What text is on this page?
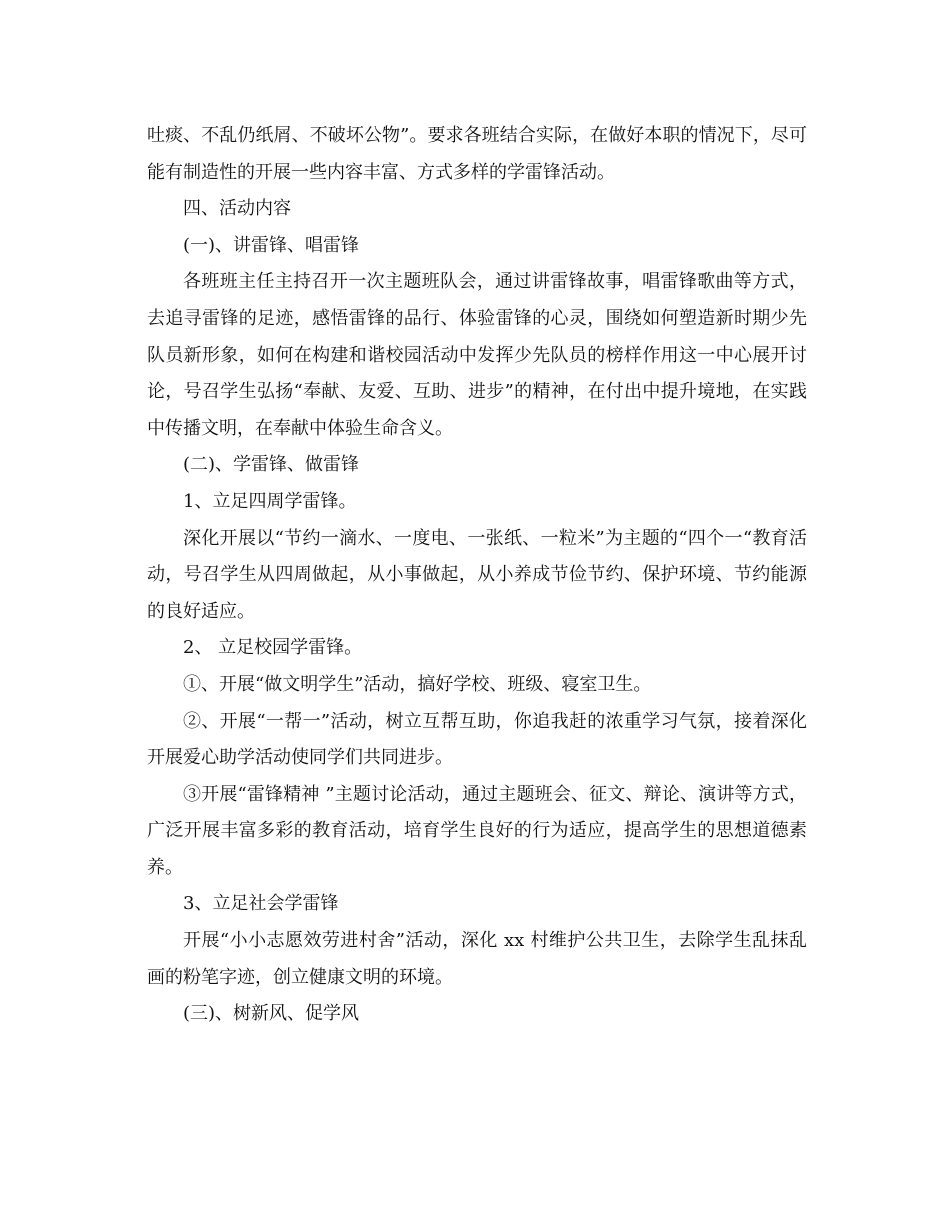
吐痰、不乱仍纸屑、不破坏公物”。要求各班结合实际，在做好本职的情况下，尽可能有制造性的开展一些内容丰富、方式多样的学雷锋活动。

四、活动内容

(一)、讲雷锋、唱雷锋

各班班主任主持召开一次主题班队会，通过讲雷锋故事，唱雷锋歌曲等方式，去追寻雷锋的足迹，感悟雷锋的品行、体验雷锋的心灵，围绕如何塑造新时期少先队员新形象，如何在构建和谐校园活动中发挥少先队员的榜样作用这一中心展开讨论，号召学生弘扬“奉献、友爱、互助、进步”的精神，在付出中提升境地，在实践中传播文明，在奉献中体验生命含义。

(二)、学雷锋、做雷锋

1、立足四周学雷锋。

深化开展以“节约一滴水、一度电、一张纸、一粒米”为主题的“四个一“教育活动，号召学生从四周做起，从小事做起，从小养成节俭节约、保护环境、节约能源的良好适应。

2、 立足校园学雷锋。

①、开展“做文明学生”活动，搞好学校、班级、寝室卫生。

②、开展“一帮一”活动，树立互帮互助，你追我赶的浓重学习气氛，接着深化开展爱心助学活动使同学们共同进步。

③开展“雷锋精神 ”主题讨论活动，通过主题班会、征文、辩论、演讲等方式，广泛开展丰富多彩的教育活动，培育学生良好的行为适应，提高学生的思想道德素养。

3、立足社会学雷锋

开展“小小志愿效劳进村舍”活动，深化 xx 村维护公共卫生，去除学生乱抹乱画的粉笔字迹，创立健康文明的环境。

(三)、树新风、促学风
